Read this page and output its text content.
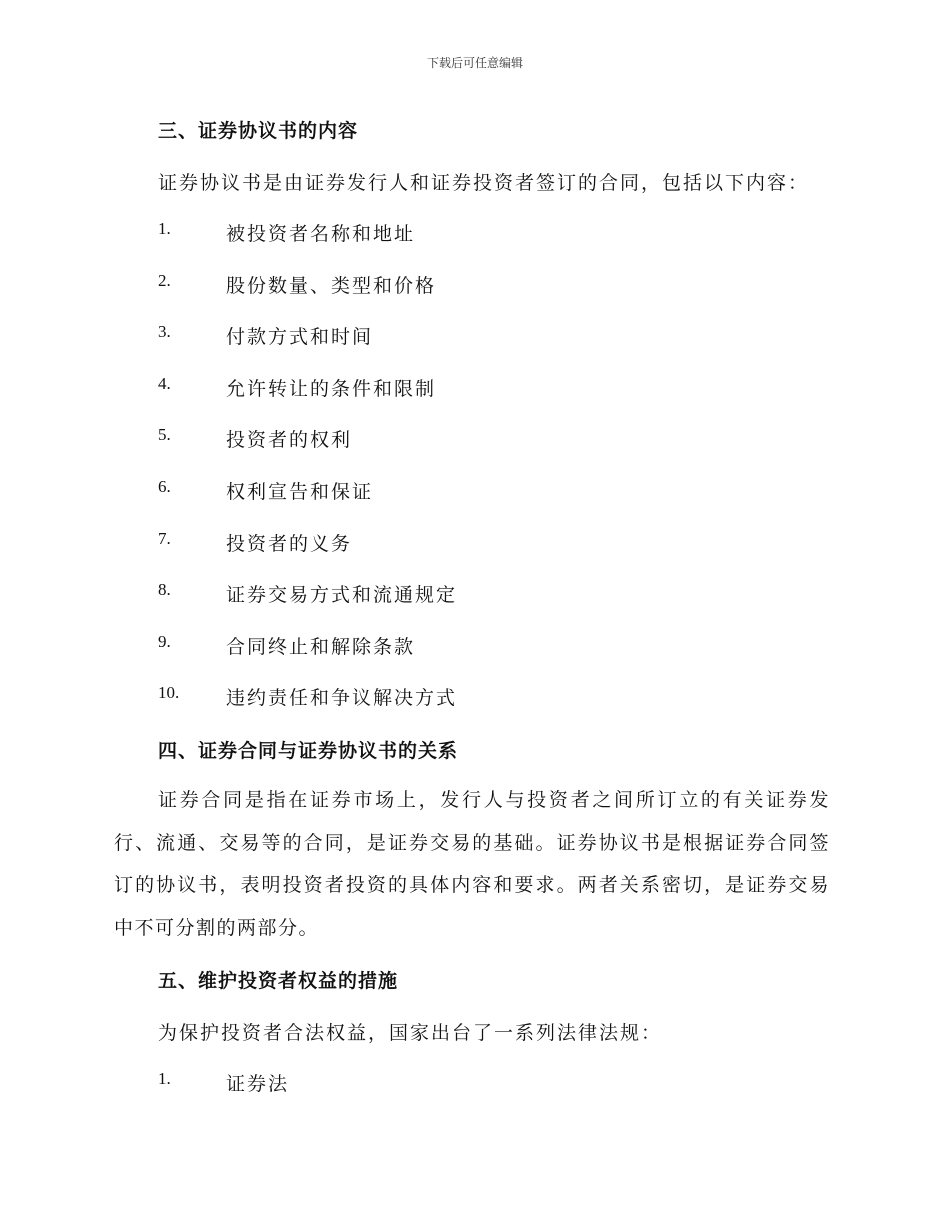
下载后可任意编辑
三、证券协议书的内容
证券协议书是由证券发行人和证券投资者签订的合同，包括以下内容：
1.	被投资者名称和地址
2.	股份数量、类型和价格
3.	付款方式和时间
4.	允许转让的条件和限制
5.	投资者的权利
6.	权利宣告和保证
7.	投资者的义务
8.	证券交易方式和流通规定
9.	合同终止和解除条款
10. 违约责任和争议解决方式
四、证券合同与证券协议书的关系
证券合同是指在证券市场上，发行人与投资者之间所订立的有关证券发行、流通、交易等的合同，是证券交易的基础。证券协议书是根据证券合同签订的协议书，表明投资者投资的具体内容和要求。两者关系密切，是证券交易中不可分割的两部分。
五、维护投资者权益的措施
为保护投资者合法权益，国家出台了一系列法律法规：
1.	证券法
